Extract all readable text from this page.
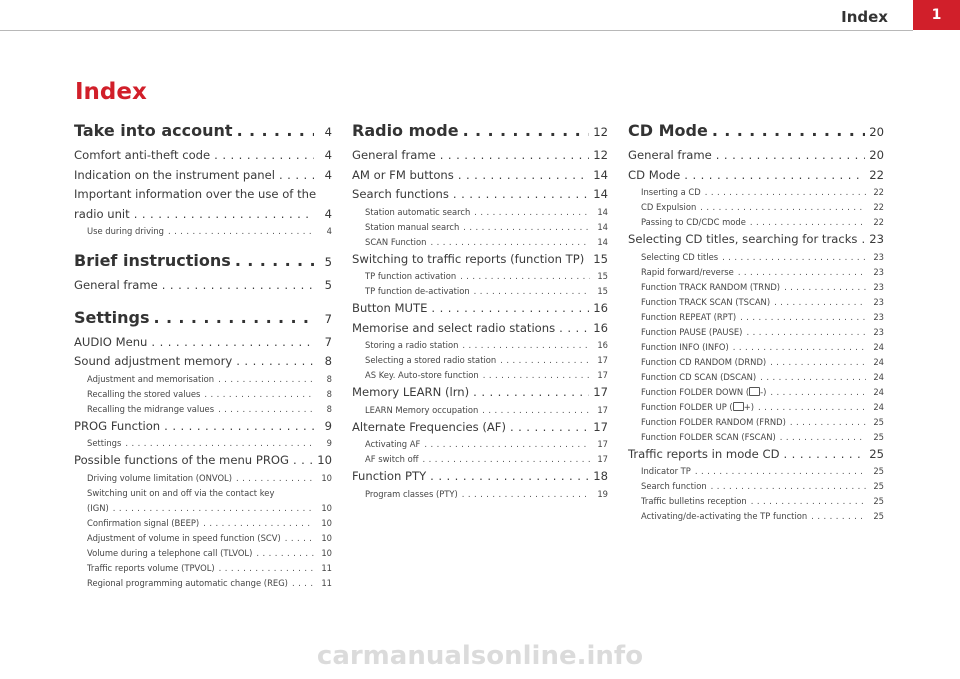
Index	1
Index
Take into account . . .	4
Comfort anti-theft code . . .	4
Indication on the instrument panel . . .	4
Important information over the use of the
radio unit . . .	4
Use during driving . . .	4
Brief instructions . . .	5
General frame . . .	5
Settings . . .	7
AUDIO Menu . . .	7
Sound adjustment memory . . .	8
Adjustment and memorisation . . .	8
Recalling the stored values . . .	8
Recalling the midrange values . . .	8
PROG Function . . .	9
Settings . . .	9
Possible functions of the menu PROG . . . 10
Driving volume limitation (ONVOL) . . .	10
Switching unit on and off via the contact key
(IGN) . . .	10
Confirmation signal (BEEP) . . .	10
Adjustment of volume in speed function (SCV) . . .	10
Volume during a telephone call (TLVOL) . . .	10
Traffic reports volume (TPVOL) . . .	11
Regional programming automatic change (REG) . . .	11
Radio mode . . .	12
General frame . . .	12
AM or FM buttons . . .	14
Search functions . . .	14
Station automatic search . . .	14
Station manual search . . .	14
SCAN Function . . .	14
Switching to traffic reports (function TP) . . . 15
TP function activation . . .	15
TP function de-activation . . .	15
Button MUTE . . .	16
Memorise and select radio stations . . .	16
Storing a radio station . . .	16
Selecting a stored radio station . . .	17
AS Key. Auto-store function . . .	17
Memory LEARN (lrn) . . .	17
LEARN Memory occupation . . .	17
Alternate Frequencies (AF) . . .	17
Activating AF . . .	17
AF switch off . . .	17
Function PTY . . .	18
Program classes (PTY) . . .	19
CD Mode . . .	20
General frame . . .	20
CD Mode . . .	22
Inserting a CD . . .	22
CD Expulsion . . .	22
Passing to CD/CDC mode . . .	22
Selecting CD titles, searching for tracks . . . 23
Selecting CD titles . . .	23
Rapid forward/reverse . . .	23
Function TRACK RANDOM (TRND) . . .	23
Function TRACK SCAN (TSCAN) . . .	23
Function REPEAT (RPT) . . .	23
Function PAUSE (PAUSE) . . .	23
Function INFO (INFO) . . .	24
Function CD RANDOM (DRND) . . .	24
Function CD SCAN (DSCAN) . . .	24
Function FOLDER DOWN ( -) . . .	24
Function FOLDER UP ( +) . . .	24
Function FOLDER RANDOM (FRND) . . .	25
Function FOLDER SCAN (FSCAN) . . .	25
Traffic reports in mode CD . . .	25
Indicator TP . . .	25
Search function . . .	25
Traffic bulletins reception . . .	25
Activating/de-activating the TP function . . .	25
carmanualsonline.info
